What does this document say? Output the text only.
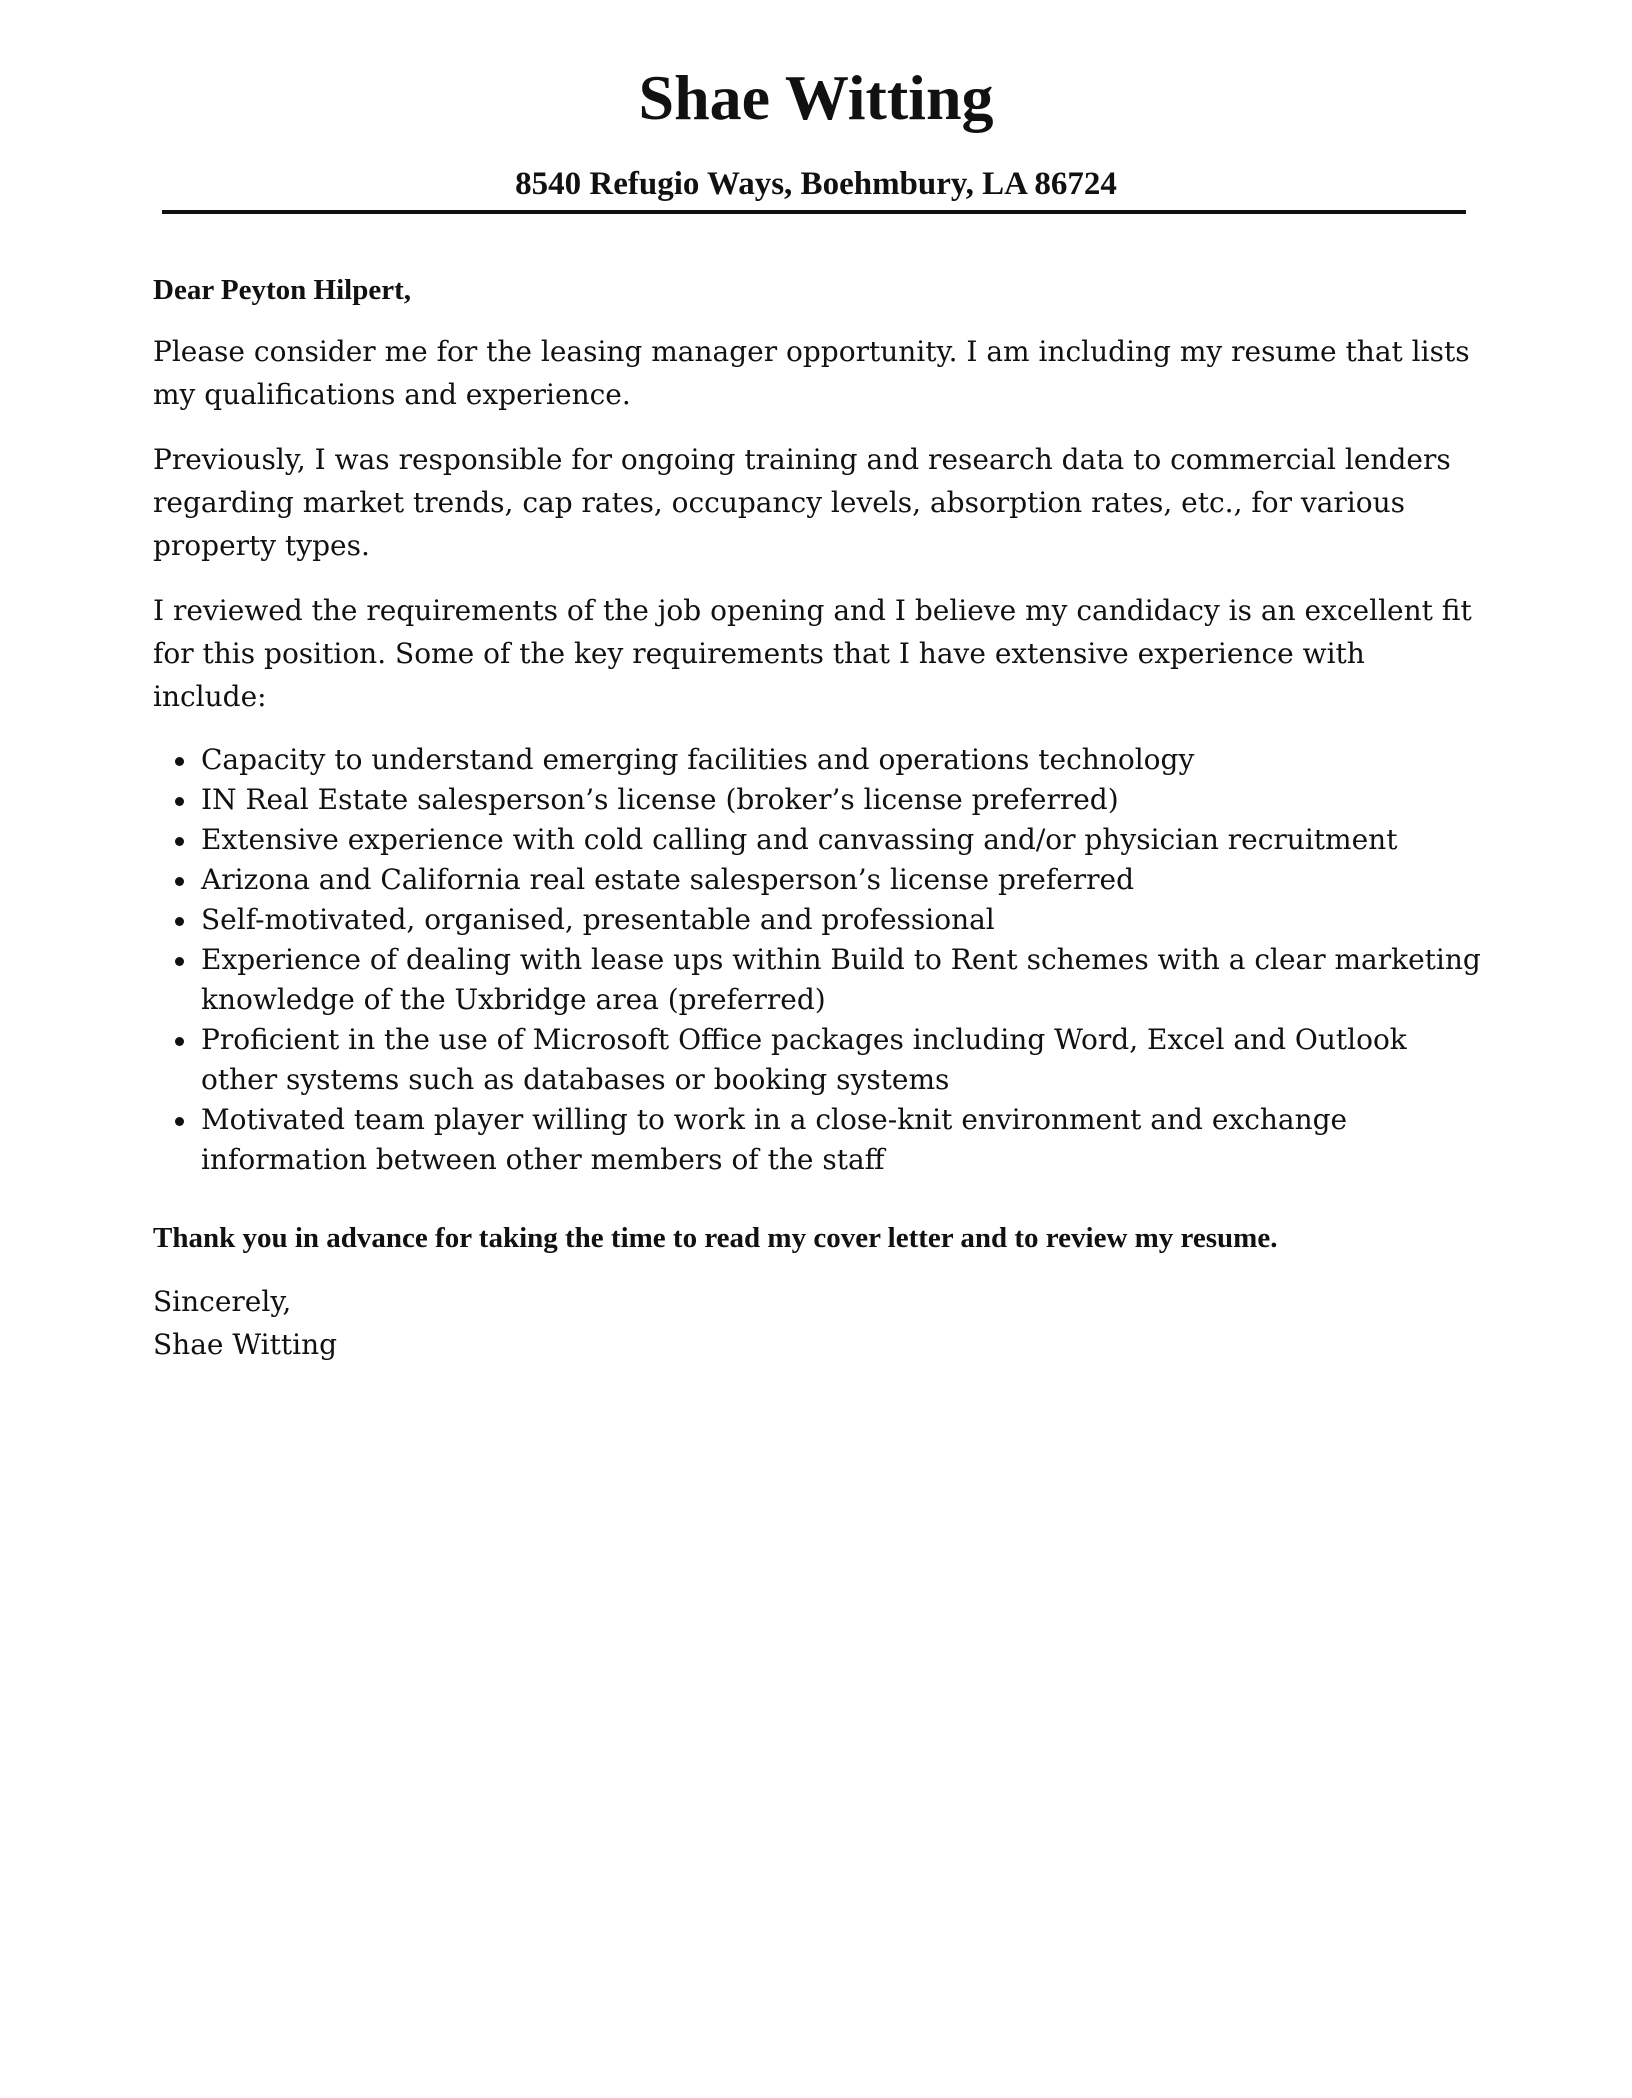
Shae Witting
8540 Refugio Ways, Boehmbury, LA 86724

Dear Peyton Hilpert,

Please consider me for the leasing manager opportunity. I am including my resume that lists my qualifications and experience.

Previously, I was responsible for ongoing training and research data to commercial lenders regarding market trends, cap rates, occupancy levels, absorption rates, etc., for various property types.

I reviewed the requirements of the job opening and I believe my candidacy is an excellent fit for this position. Some of the key requirements that I have extensive experience with include:

Capacity to understand emerging facilities and operations technology
IN Real Estate salesperson’s license (broker’s license preferred)
Extensive experience with cold calling and canvassing and/or physician recruitment
Arizona and California real estate salesperson’s license preferred
Self-motivated, organised, presentable and professional
Experience of dealing with lease ups within Build to Rent schemes with a clear marketing knowledge of the Uxbridge area (preferred)
Proficient in the use of Microsoft Office packages including Word, Excel and Outlook other systems such as databases or booking systems
Motivated team player willing to work in a close-knit environment and exchange information between other members of the staff

Thank you in advance for taking the time to read my cover letter and to review my resume.

Sincerely,

Shae Witting
